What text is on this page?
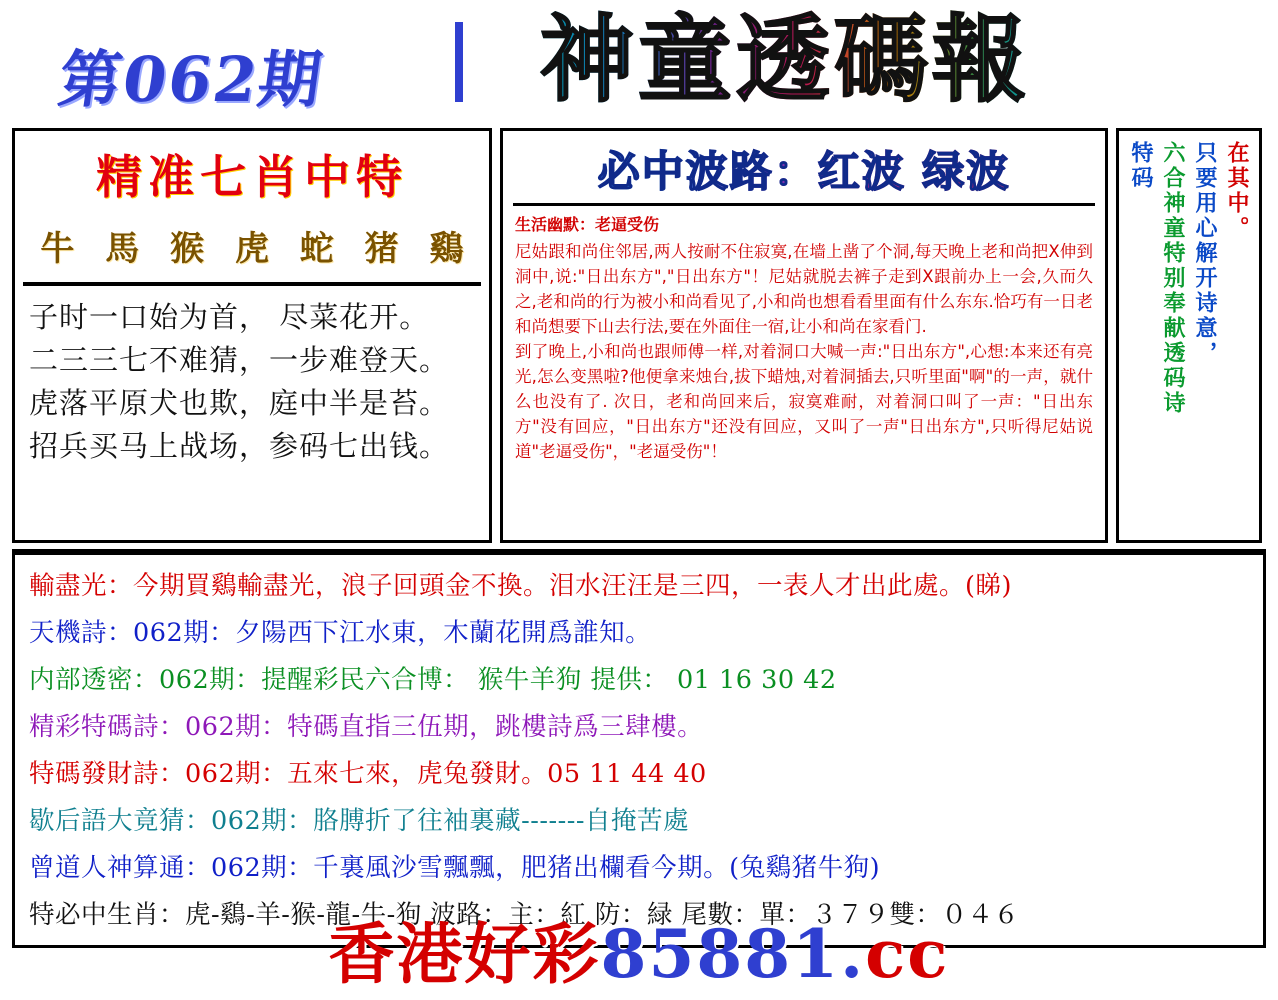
第062期 神童透碼報
精准七肖中特
牛 馬 猴 虎 蛇 猪 鷄
子时一口始为首， 尽菜花开。
二三三七不难猜，一步难登天。
虎落平原犬也欺，庭中半是苔。
招兵买马上战场，参码七出钱。
必中波路：红波 绿波
生活幽默：老逼受伤

尼姑跟和尚住邻居,两人按耐不住寂寞,在墙上凿了个洞,每天晚上老和尚把X伸到洞中,说:"日出东方","日出东方"！尼姑就脱去裤子走到X跟前办上一会,久而久之,老和尚的行为被小和尚看见了,小和尚也想看看里面有什么东东.恰巧有一日老和尚想要下山去行法,要在外面住一宿,让小和尚在家看门.

到了晚上,小和尚也跟师傅一样,对着洞口大喊一声:"日出东方",心想:本来还有亮光,怎么变黑啦?他便拿来烛台,拔下蜡烛,对着洞插去,只听里面"啊"的一声，就什么也没有了. 次日，老和尚回来后，寂寞难耐，对着洞口叫了一声："日出东方"没有回应，"日出东方"还没有回应，又叫了一声"日出东方",只听得尼姑说道"老逼受伤"，"老逼受伤"！

在其中。
只要用心解开诗意，
六合神童特别奉献透码诗
特码
輸盡光：今期買鷄輸盡光，浪子回頭金不換。泪水汪汪是三四，一表人才出此處。(睇)
天機詩：062期：夕陽西下江水東，木蘭花開爲誰知。
内部透密：062期：提醒彩民六合博： 猴牛羊狗 提供： 01 16 30 42
精彩特碼詩：062期：特碼直指三伍期，跳樓詩爲三肆樓。
特碼發財詩：062期：五來七來，虎兔發財。05 11 44 40
歇后語大竟猜：062期：胳膊折了往袖裏藏-------自掩苦處
曾道人神算通：062期：千裏風沙雪飄飄，肥猪出欄看今期。(兔鷄猪牛狗)
特必中生肖：虎-鷄-羊-猴-龍-牛-狗 波路：主：紅 防：緑 尾數：單：３７９雙：０４６
香港好彩85881.cc
